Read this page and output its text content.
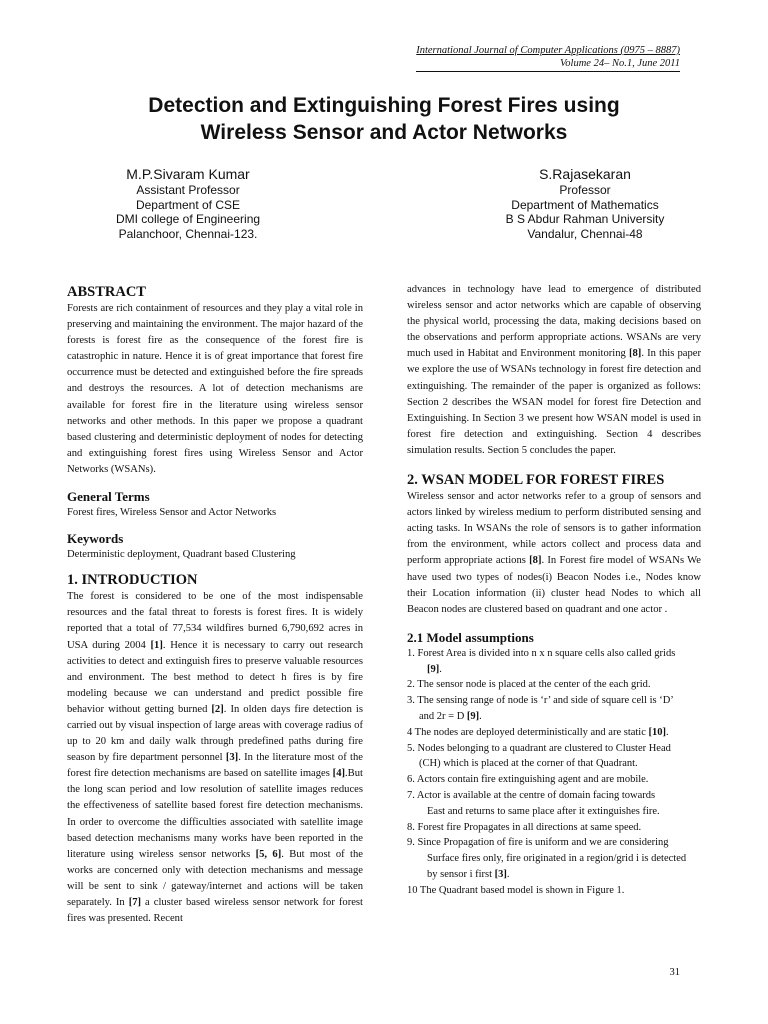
International Journal of Computer Applications (0975 – 8887)
Volume 24– No.1, June 2011
Detection and Extinguishing Forest Fires using
Wireless Sensor and Actor Networks
M.P.Sivaram Kumar
Assistant Professor
Department of CSE
DMI college of Engineering
Palanchoor, Chennai-123.
S.Rajasekaran
Professor
Department of Mathematics
B S Abdur Rahman University
Vandalur, Chennai-48
ABSTRACT

Forests are rich containment of resources and they play a vital role in preserving and maintaining the environment. The major hazard of the forests is forest fire as the consequence of the forest fire is catastrophic in nature. Hence it is of great importance that forest fire occurrence must be detected and extinguished before the fire spreads and destroys the resources. A lot of detection mechanisms are available for forest fire in the literature using wireless sensor networks and other methods. In this paper we propose a quadrant based clustering and deterministic deployment of nodes for detecting and extinguishing forest fires using Wireless Sensor and Actor Networks (WSANs).

General Terms

Forest fires, Wireless Sensor and Actor Networks

Keywords

Deterministic deployment, Quadrant based Clustering

1. INTRODUCTION

The forest is considered to be one of the most indispensable resources and the fatal threat to forests is forest fires. It is widely reported that a total of 77,534 wildfires burned 6,790,692 acres in USA during 2004 [1]. Hence it is necessary to carry out research activities to detect and extinguish fires to preserve valuable resources and environment. The best method to detect h fires is by fire modeling because we can understand and predict possible fire behavior without getting burned [2]. In olden days fire detection is carried out by visual inspection of large areas with coverage radius of up to 20 km and daily walk through predefined paths during fire season by fire department personnel [3]. In the literature most of the forest fire detection mechanisms are based on satellite images [4].But the long scan period and low resolution of satellite images reduces the effectiveness of satellite based forest fire detection mechanisms. In order to overcome the difficulties associated with satellite image based detection mechanisms many works have been reported in the literature using wireless sensor networks [5, 6]. But most of the works are concerned only with detection mechanisms and message will be sent to sink / gateway/internet and actions will be taken separately. In [7] a cluster based wireless sensor network for forest fires was presented. Recent

advances in technology have lead to emergence of distributed wireless sensor and actor networks which are capable of observing the physical world, processing the data, making decisions based on the observations and perform appropriate actions. WSANs are very much used in Habitat and Environment monitoring [8]. In this paper we explore the use of WSANs technology in forest fire detection and extinguishing. The remainder of the paper is organized as follows: Section 2 describes the WSAN model for forest fire Detection and Extinguishing. In Section 3 we present how WSAN model is used in forest fire detection and extinguishing. Section 4 describes simulation results. Section 5 concludes the paper.

2. WSAN MODEL FOR FOREST FIRES

Wireless sensor and actor networks refer to a group of sensors and actors linked by wireless medium to perform distributed sensing and acting tasks. In WSANs the role of sensors is to gather information from the environment, while actors collect and process data and perform appropriate actions [8]. In Forest fire model of WSANs We have used two types of nodes(i) Beacon Nodes i.e., Nodes know their Location information (ii) cluster head Nodes to which all Beacon nodes are clustered based on quadrant and one actor .

2.1 Model assumptions
1. Forest Area is divided into n x n square cells also called grids
[9].
2. The sensor node is placed at the center of the each grid.
3. The sensing range of node is ‘r’ and side of square cell is ‘D’
and 2r = D [9].
4 The nodes are deployed deterministically and are static [10].
5. Nodes belonging to a quadrant are clustered to Cluster Head
(CH) which is placed at the corner of that Quadrant.
6. Actors contain fire extinguishing agent and are mobile.
7. Actor is available at the centre of domain facing towards
East and returns to same place after it extinguishes fire.
8. Forest fire Propagates in all directions at same speed.
9. Since Propagation of fire is uniform and we are considering
Surface fires only, fire originated in a region/grid i is detected
by sensor i first [3].
10 The Quadrant based model is shown in Figure 1.
31
